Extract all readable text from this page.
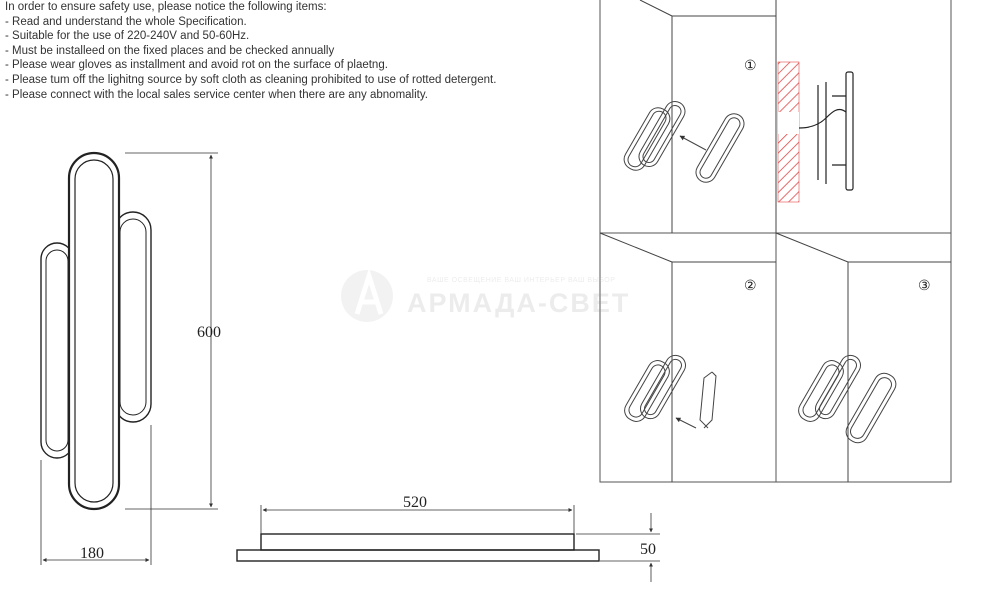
In order to ensure safety use, please notice the following items:
- Read and understand the whole Specification.
- Suitable for the use of 220-240V and 50-60Hz.
- Must be installeed on the fixed places and be checked annually
- Please wear gloves as installment and avoid rot on the surface of plaetng.
- Please tum off the lighitng source by soft cloth as cleaning prohibited to use of rotted detergent.
- Please connect with the local sales service center when there are any abnomality.
600
180
520
50
①
②	③
ВАШЕ ОСВЕЩЕНИЕ ВАШ ИНТЕРЬЕР ВАШ ВЫБОР
АРМАДА-СВЕТ
